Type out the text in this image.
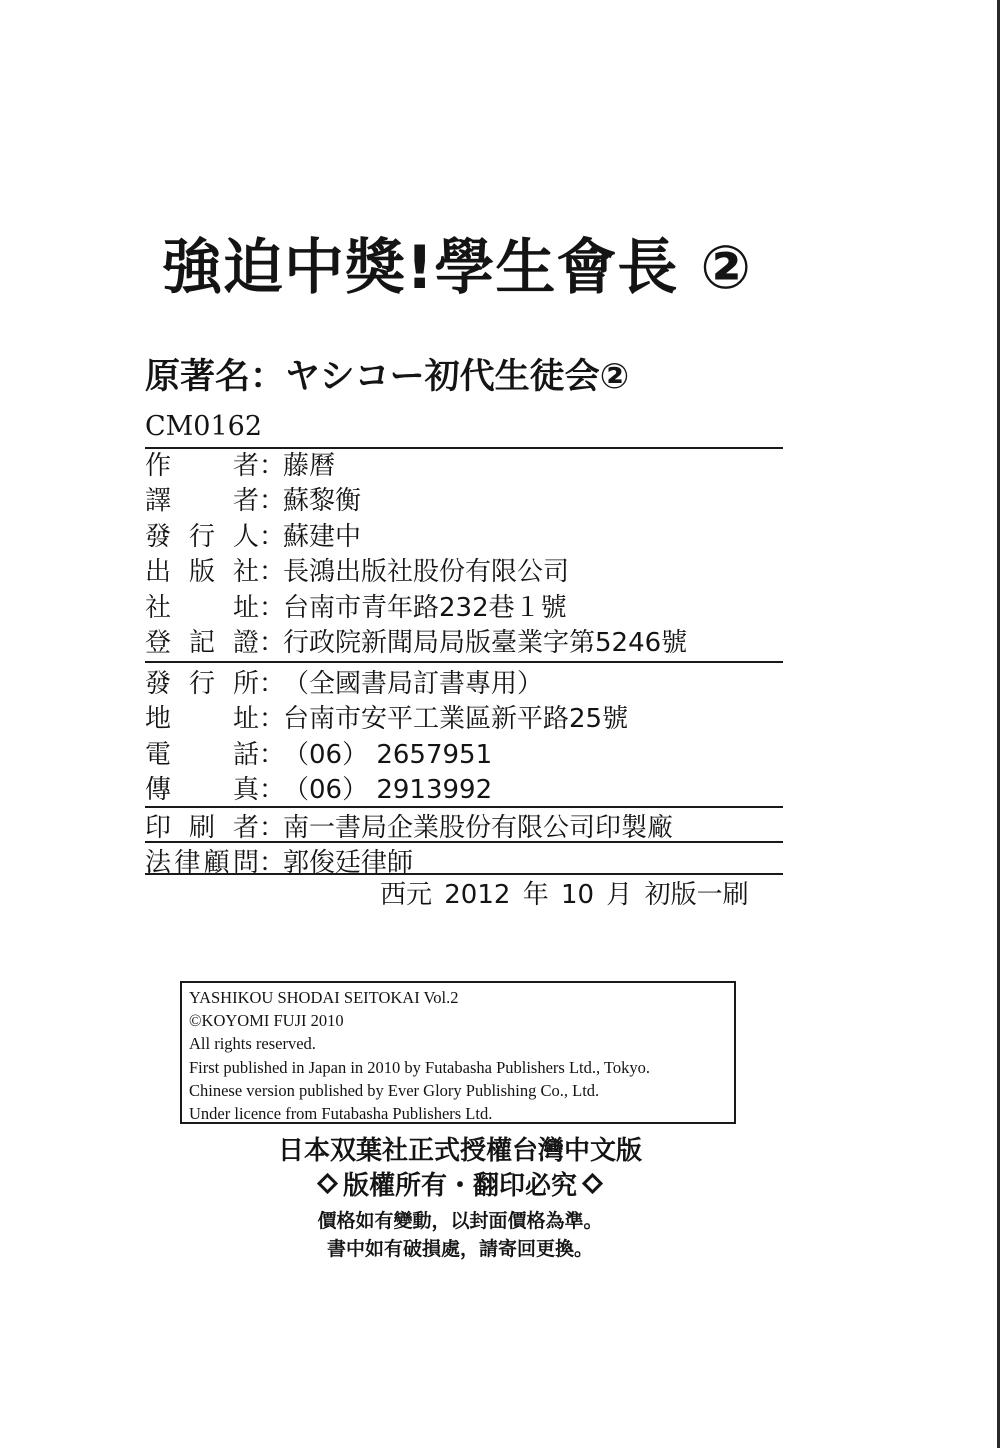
強迫中獎!學生會長 ②
原著名：ヤシコー初代生徒会②
CM0162
作 者 ：
藤曆
譯 者 ：
蘇黎衡
發 行 人 ：
蘇建中
出 版 社 ：
長鴻出版社股份有限公司
社 址 ：
台南市青年路232巷１號
登 記 證 ：
行政院新聞局局版臺業字第5246號
發 行 所 ：
（全國書局訂書專用）
地 址 ：
台南市安平工業區新平路25號
電 話 ：
（06） 2657951
傳 真 ：
（06） 2913992
印 刷 者 ：
南一書局企業股份有限公司印製廠
法 律 顧 問 ：
郭俊廷律師
西元 2012 年 10 月 初版一刷
YASHIKOU SHODAI SEITOKAI Vol.2
©KOYOMI FUJI 2010
All rights reserved.
First published in Japan in 2010 by Futabasha Publishers Ltd., Tokyo.
Chinese version published by Ever Glory Publishing Co., Ltd.
Under licence from Futabasha Publishers Ltd.
日本双葉社正式授權台灣中文版
版權所有・翻印必究
價格如有變動，以封面價格為準。
書中如有破損處，請寄回更換。
